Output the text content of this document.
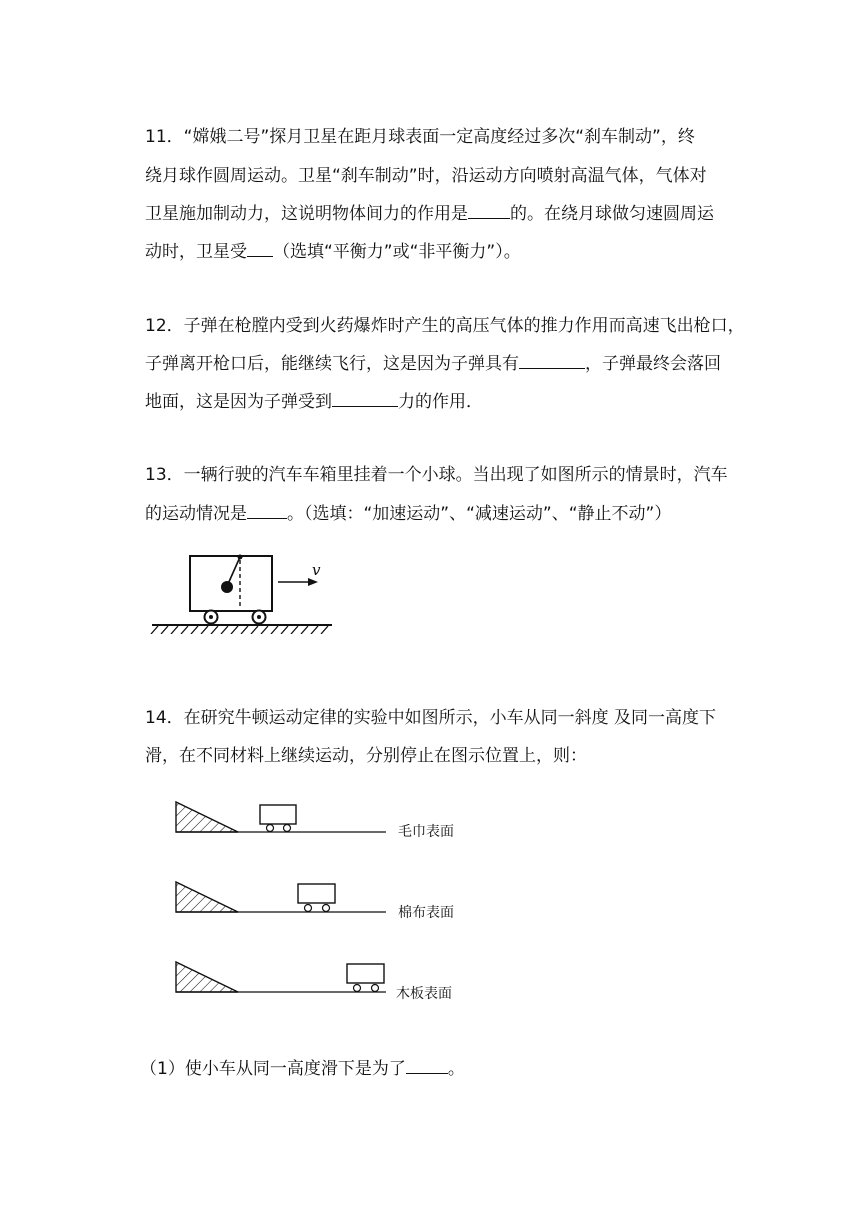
11．“嫦娥二号”探月卫星在距月球表面一定高度经过多次“刹车制动”，终
绕月球作圆周运动。卫星“刹车制动”时，沿运动方向喷射高温气体，气体对
卫星施加制动力，这说明物体间力的作用是 的。在绕月球做匀速圆周运
动时，卫星受 （选填“平衡力”或“非平衡力”）。
12．子弹在枪膛内受到火药爆炸时产生的高压气体的推力作用而高速飞出枪口，
子弹离开枪口后，能继续飞行，这是因为子弹具有	，子弹最终会落回
地面，这是因为子弹受到	力的作用．
13．一辆行驶的汽车车箱里挂着一个小球。当出现了如图所示的情景时，汽车
的运动情况是 。（选填：“加速运动”、“减速运动”、“静止不动”）
v
14．在研究牛顿运动定律的实验中如图所示，小车从同一斜度 及同一高度下
滑，在不同材料上继续运动，分别停止在图示位置上，则：
毛巾表面
棉布表面
木板表面
（1）使小车从同一高度滑下是为了 。
